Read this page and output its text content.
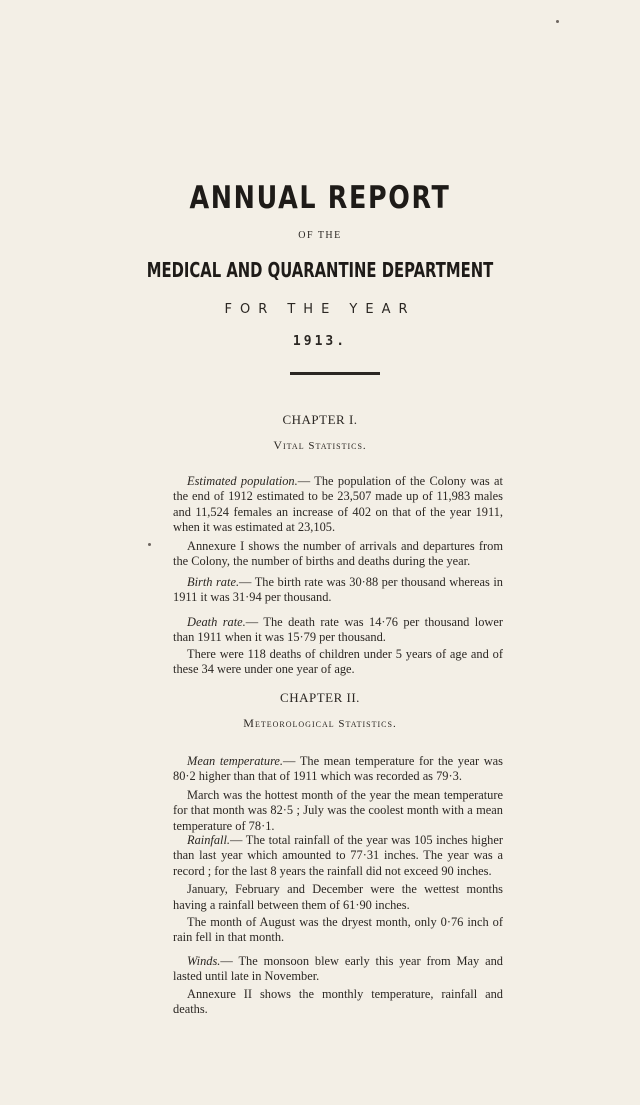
ANNUAL REPORT
OF THE
MEDICAL AND QUARANTINE DEPARTMENT
FOR THE YEAR
1913.
CHAPTER I.
Vital Statistics.

Estimated population.— The population of the Colony was at the end of 1912 estimated to be 23,507 made up of 11,983 males and 11,524 females an increase of 402 on that of the year 1911, when it was estimated at 23,105.

Annexure I shows the number of arrivals and departures from the Colony, the number of births and deaths during the year.

Birth rate.— The birth rate was 30·88 per thousand whereas in 1911 it was 31·94 per thousand.

Death rate.— The death rate was 14·76 per thousand lower than 1911 when it was 15·79 per thousand.

There were 118 deaths of children under 5 years of age and of these 34 were under one year of age.

CHAPTER II.
Meteorological Statistics.

Mean temperature.— The mean temperature for the year was 80·2 higher than that of 1911 which was recorded as 79·3.

March was the hottest month of the year the mean temperature for that month was 82·5 ; July was the coolest month with a mean temperature of 78·1.

Rainfall.— The total rainfall of the year was 105 inches higher than last year which amounted to 77·31 inches. The year was a record ; for the last 8 years the rainfall did not exceed 90 inches.

January, February and December were the wettest months having a rainfall between them of 61·90 inches.

The month of August was the dryest month, only 0·76 inch of rain fell in that month.

Winds.— The monsoon blew early this year from May and lasted until late in November.

Annexure II shows the monthly temperature, rainfall and deaths.
